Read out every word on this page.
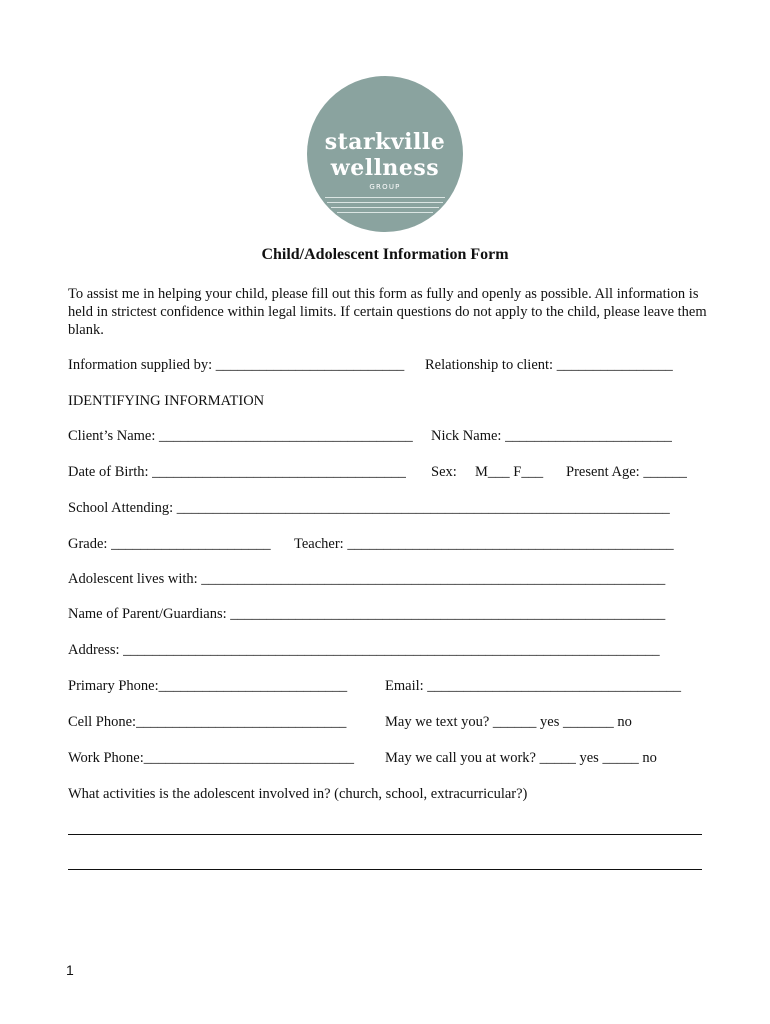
starkville
wellness
GROUP
Child/Adolescent Information Form
To assist me in helping your child, please fill out this form as fully and openly as possible. All information is held in strictest confidence within legal limits. If certain questions do not apply to the child, please leave them blank.
Information supplied by: __________________________ Relationship to client: ________________
IDENTIFYING INFORMATION
Client’s Name: ___________________________________ Nick Name: _______________________
Date of Birth: ___________________________________ Sex: M___ F___ Present Age: ______
School Attending: ____________________________________________________________________
Grade: ______________________ Teacher: _____________________________________________
Adolescent lives with: ________________________________________________________________
Name of Parent/Guardians: ____________________________________________________________
Address: __________________________________________________________________________
Primary Phone:__________________________	Email: ___________________________________
Cell Phone:_____________________________	May we text you? ______ yes _______ no
Work Phone:_____________________________ May we call you at work? _____ yes _____ no
What activities is the adolescent involved in? (church, school, extracurricular?)
1
